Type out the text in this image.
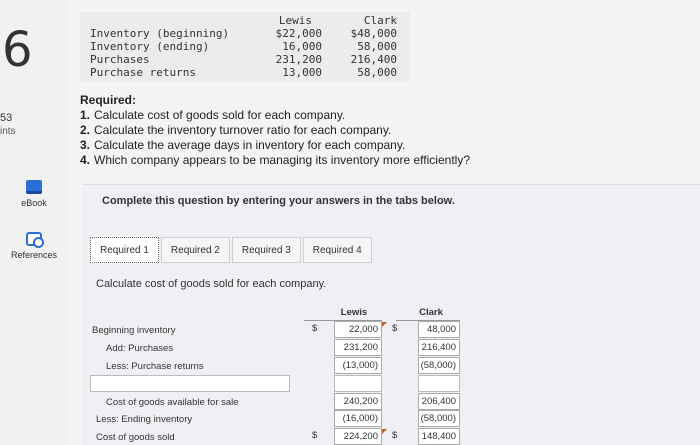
6
53
ints
eBook
References
Lewis	Clark
Inventory (beginning)	$22,000	$48,000
Inventory (ending)	16,000	58,000
Purchases	231,200	216,400
Purchase returns	13,000	58,000
Required:
1. Calculate cost of goods sold for each company.
2. Calculate the inventory turnover ratio for each company.
3. Calculate the average days in inventory for each company.
4. Which company appears to be managing its inventory more efficiently?
Complete this question by entering your answers in the tabs below.
Required 1	Required 2	Required 3	Required 4
Calculate cost of goods sold for each company.
Lewis	Clark
Beginning inventory	$	22,000	$	48,000
Add: Purchases	231,200	216,400
Less: Purchase returns	(13,000)	(58,000)
Cost of goods available for sale	240,200	206,400
Less: Ending inventory	(16,000)	(58,000)
Cost of goods sold	$	224,200	$	148,400
